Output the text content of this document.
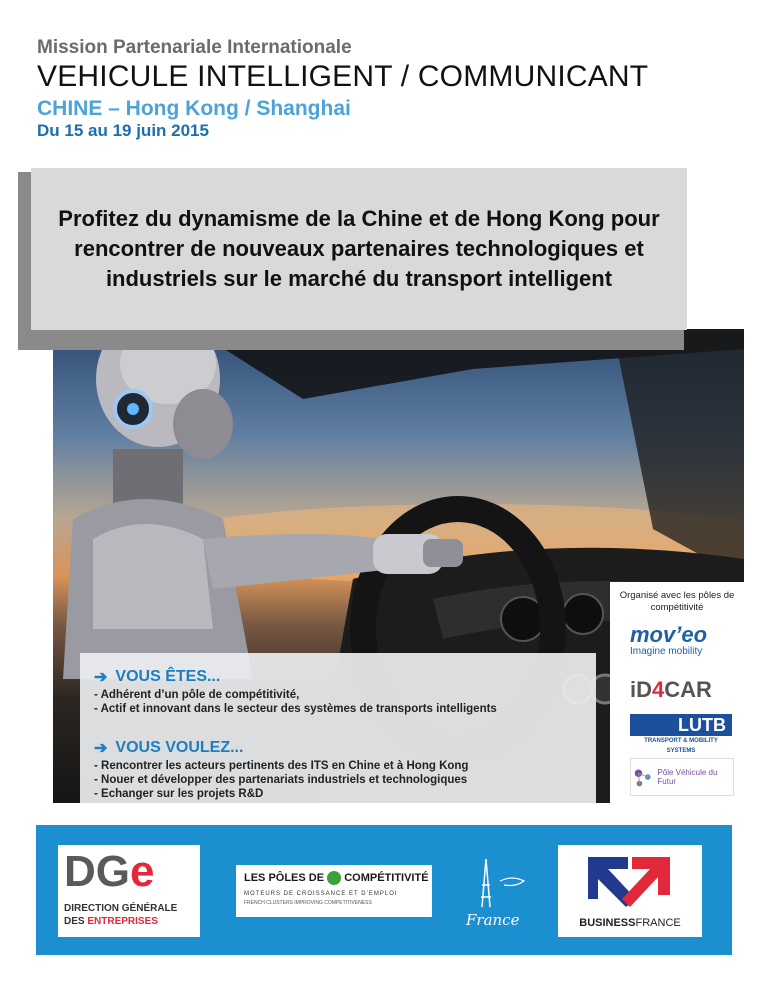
Mission Partenariale Internationale
VEHICULE INTELLIGENT / COMMUNICANT
CHINE – Hong Kong / Shanghai
Du 15 au 19 juin 2015
Profitez du dynamisme de la Chine et de Hong Kong pour rencontrer de nouveaux partenaires technologiques et industriels sur le marché du transport intelligent
➔ VOUS ÊTES...
- Adhérent d’un pôle de compétitivité,
- Actif et innovant dans le secteur des systèmes de transports intelligents
➔ VOUS VOULEZ...
- Rencontrer les acteurs pertinents des ITS en Chine et à Hong Kong
- Nouer et développer des partenariats industriels et technologiques
- Echanger sur les projets R&D
Organisé avec les pôles de compétitivité
mov’eo
Imagine mobility
iD4CAR
LUTB
TRANSPORT & MOBILITY SYSTEMS
Pôle Véhicule du Futur
DGe
DIRECTION GÉNÉRALE
DES ENTREPRISES
LES PÔLES DE COMPÉTITIVITÉ
MOTEURS DE CROISSANCE ET D’EMPLOI
FRENCH CLUSTERS IMPROVING COMPETITIVENESS
France	BUSINESSFRANCE
